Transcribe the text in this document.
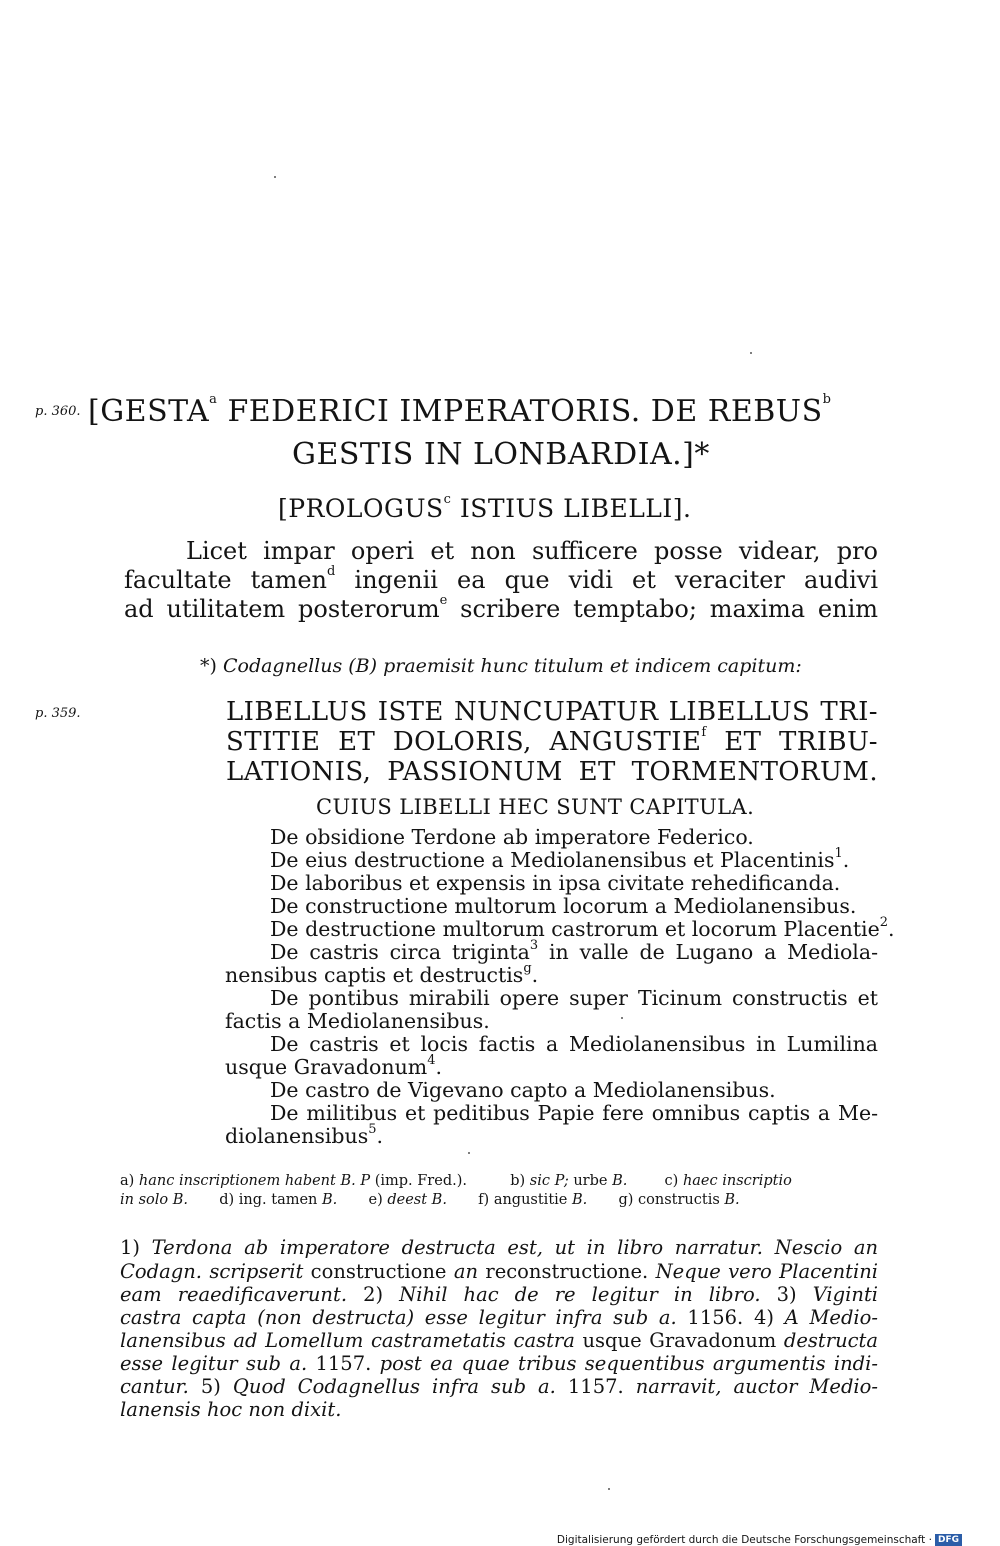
p. 360. [GESTA$^a$ FEDERICI IMPERATORIS. DE REBUS$^b$
GESTIS IN LONBARDIA.]*
[PROLOGUS$^c$ ISTIUS LIBELLI].
Licet impar operi et non sufficere posse videar, pro
facultate tamen$^d$ ingenii ea que vidi et veraciter audivi
ad utilitatem posterorum$^e$ scribere temptabo; maxima enim
*) Codagnellus (B) praemisit hunc titulum et indicem capitum:
p. 359.	LIBELLUS ISTE NUNCUPATUR LIBELLUS TRI-
STITIE ET DOLORIS, ANGUSTIE$^f$ ET TRIBU-
LATIONIS, PASSIONUM ET TORMENTORUM.
CUIUS LIBELLI HEC SUNT CAPITULA.
De obsidione Terdone ab imperatore Federico.
De eius destructione a Mediolanensibus et Placentinis$^1$.
De laboribus et expensis in ipsa civitate rehedificanda.
De constructione multorum locorum a Mediolanensibus.
De destructione multorum castrorum et locorum Placentie$^2$.
De castris circa triginta$^3$ in valle de Lugano a Mediola-
nensibus captis et destructis$^g$.
De pontibus mirabili opere super Ticinum constructis et
factis a Mediolanensibus.
De castris et locis factis a Mediolanensibus in Lumilina
usque Gravadonum$^4$.
De castro de Vigevano capto a Mediolanensibus.
De militibus et peditibus Papie fere omnibus captis a Me-
diolanensibus$^5$.
a) hanc inscriptionem habent B. P (imp. Fred.).	b) sic P; urbe B.	c) haec inscriptio
in solo B. d) ing. tamen B. e) deest B. f) angustitie B. g) constructis B.
1) Terdona ab imperatore destructa est, ut in libro narratur. Nescio an
Codagn. scripserit constructione an reconstructione. Neque vero Placentini
eam reaedificaverunt. 2) Nihil hac de re legitur in libro. 3) Viginti
castra capta (non destructa) esse legitur infra sub a. 1156. 4) A Medio-
lanensibus ad Lomellum castrametatis castra usque Gravadonum destructa
esse legitur sub a. 1157. post ea quae tribus sequentibus argumentis indi-
cantur. 5) Quod Codagnellus infra sub a. 1157. narravit, auctor Medio-
lanensis hoc non dixit.
Digitalisierung gefördert durch die Deutsche Forschungsgemeinschaft · DFG
